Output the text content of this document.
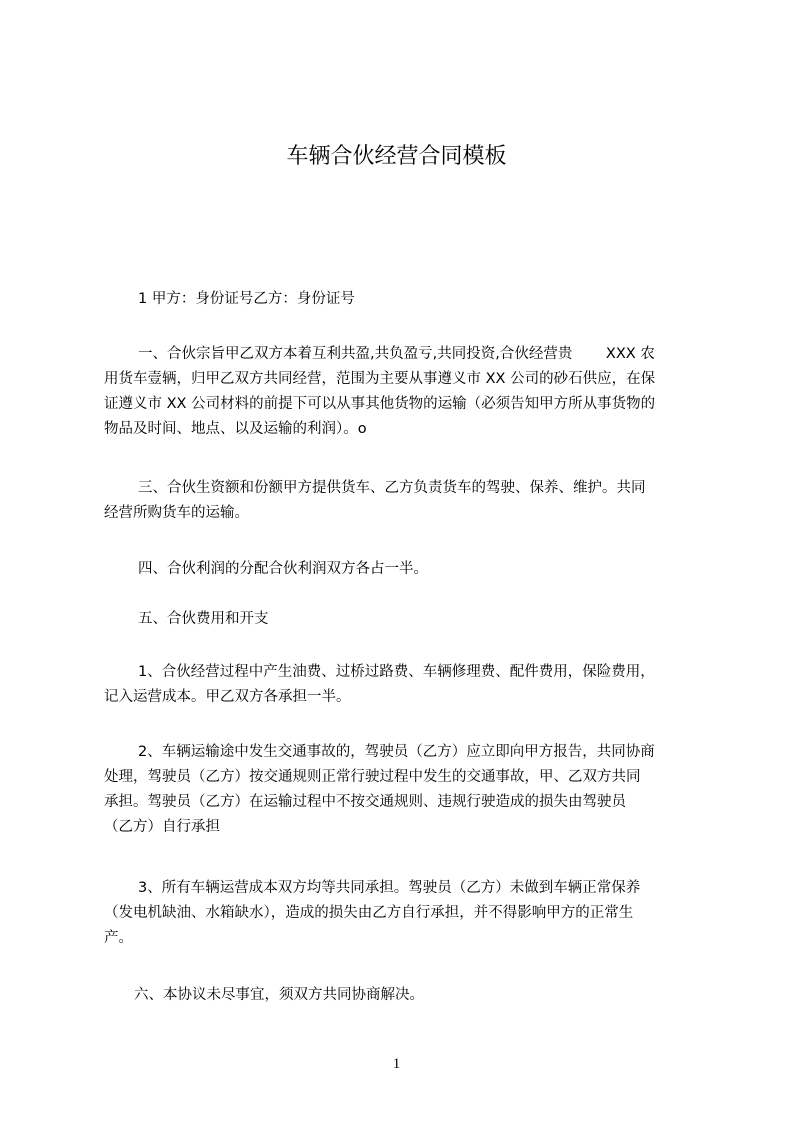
车辆合伙经营合同模板
1 甲方：身份证号乙方：身份证号
一、合伙宗旨甲乙双方本着互利共盈,共负盈亏,共同投资,合伙经营贵　　 XXX 农
用货车壹辆，归甲乙双方共同经营，范围为主要从事遵义市 XX 公司的砂石供应，在保
证遵义市 XX 公司材料的前提下可以从事其他货物的运输（必须告知甲方所从事货物的
物品及时间、地点、以及运输的利润）。o
三、合伙生资额和份额甲方提供货车、乙方负责货车的驾驶、保养、维护。共同
经营所购货车的运输。
四、合伙利润的分配合伙利润双方各占一半。
五、合伙费用和开支
1、合伙经营过程中产生油费、过桥过路费、车辆修理费、配件费用，保险费用，
记入运营成本。甲乙双方各承担一半。
2、车辆运输途中发生交通事故的，驾驶员（乙方）应立即向甲方报告，共同协商
处理，驾驶员（乙方）按交通规则正常行驶过程中发生的交通事故，甲、乙双方共同
承担。驾驶员（乙方）在运输过程中不按交通规则、违规行驶造成的损失由驾驶员
（乙方）自行承担
3、所有车辆运营成本双方均等共同承担。驾驶员（乙方）未做到车辆正常保养
（发电机缺油、水箱缺水），造成的损失由乙方自行承担，并不得影响甲方的正常生
产。
六、本协议未尽事宜，须双方共同协商解决。
1
